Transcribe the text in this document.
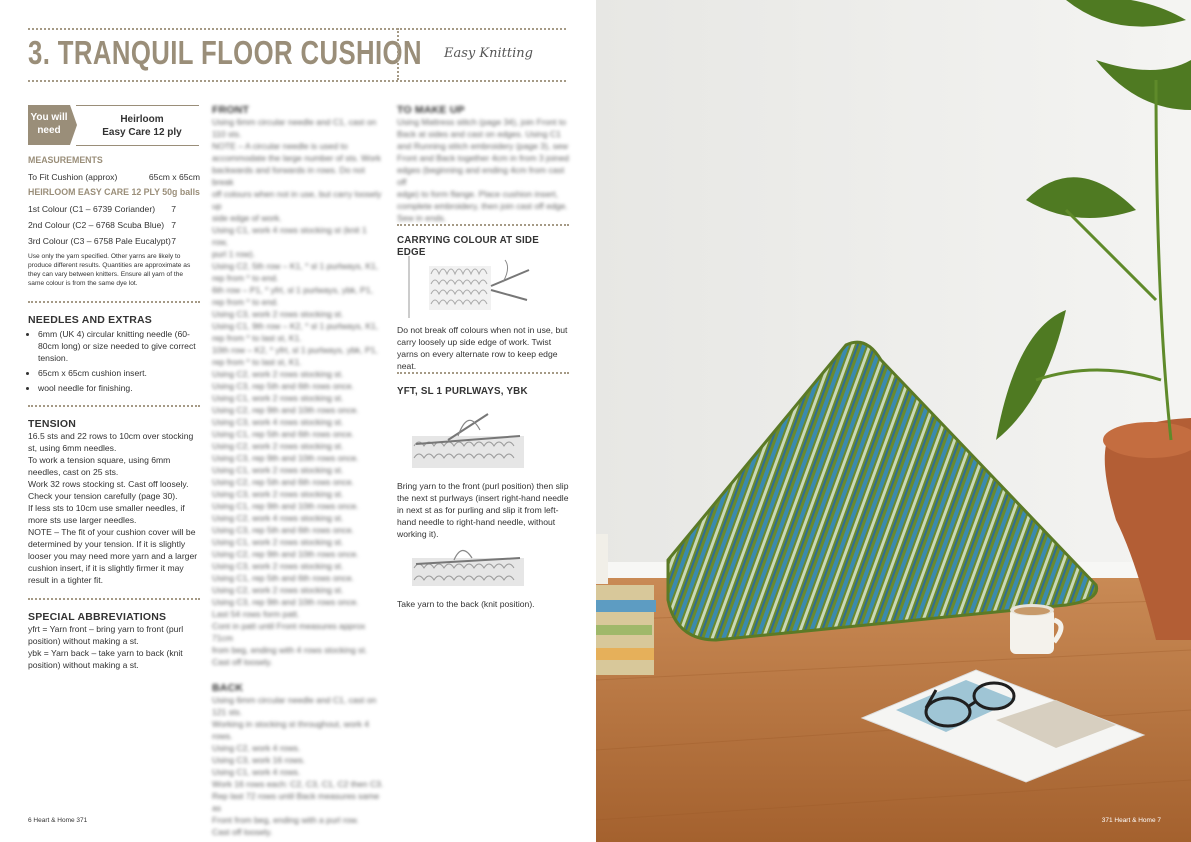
3. TRANQUIL FLOOR CUSHION Easy Knitting
You will
need
Heirloom
Easy Care 12 ply

MEASUREMENTS

To Fit Cushion (approx)	65cm x 65cm

HEIRLOOM EASY CARE 12 PLY 50g balls

1st Colour (C1 – 6739 Coriander) 7
2nd Colour (C2 – 6768 Scuba Blue) 7
3rd Colour (C3 – 6758 Pale Eucalypt) 7

Use only the yarn specified. Other yarns are likely to produce different results. Quantities are approximate as they can vary between knitters. Ensure all yarn of the same colour is from the same dye lot.

NEEDLES AND EXTRAS

• 6mm (UK 4) circular knitting needle (60-80cm long) or size needed to give correct tension.
• 65cm x 65cm cushion insert.
• wool needle for finishing.

TENSION

16.5 sts and 22 rows to 10cm over stocking st, using 6mm needles.

To work a tension square, using 6mm needles, cast on 25 sts.

Work 32 rows stocking st. Cast off loosely. Check your tension carefully (page 30).

If less sts to 10cm use smaller needles, if more sts use larger needles.

NOTE – The fit of your cushion cover will be determined by your tension. If it is slightly looser you may need more yarn and a larger cushion insert, if it is slightly firmer it may result in a tighter fit.

SPECIAL ABBREVIATIONS

yfrt = Yarn front – bring yarn to front (purl position) without making a st.

ybk = Yarn back – take yarn to back (knit position) without making a st.

FRONT

Using 6mm circular needle and C1, cast on

110 sts.

NOTE – A circular needle is used to

accommodate the large number of sts. Work

backwards and forwards in rows. Do not break

off colours when not in use, but carry loosely up

side edge of work.

Using C1, work 4 rows stocking st (knit 1 row,

purl 1 row).

Using C2, 5th row – K1, * sl 1 purlways, K1,

rep from * to end.

6th row – P1, * yfrt, sl 1 purlways, ybk, P1,

rep from * to end.

Using C3, work 2 rows stocking st.

Using C1, 9th row – K2, * sl 1 purlways, K1,

rep from * to last st, K1.

10th row – K2, * yfrt, sl 1 purlways, ybk, P1,

rep from * to last st, K1.

Using C2, work 2 rows stocking st.

Using C3, rep 5th and 6th rows once.

Using C1, work 2 rows stocking st.

Using C2, rep 9th and 10th rows once.

Using C3, work 4 rows stocking st.

Using C1, rep 5th and 6th rows once.

Using C2, work 2 rows stocking st.

Using C3, rep 9th and 10th rows once.

Using C1, work 2 rows stocking st.

Using C2, rep 5th and 6th rows once.

Using C3, work 2 rows stocking st.

Using C1, rep 9th and 10th rows once.

Using C2, work 4 rows stocking st.

Using C3, rep 5th and 6th rows once.

Using C1, work 2 rows stocking st.

Using C2, rep 9th and 10th rows once.

Using C3, work 2 rows stocking st.

Using C1, rep 5th and 6th rows once.

Using C2, work 2 rows stocking st.

Using C3, rep 9th and 10th rows once.

Last 54 rows form patt.

Cont in patt until Front measures approx 71cm

from beg, ending with 4 rows stocking st.

Cast off loosely.

BACK

Using 6mm circular needle and C1, cast on

121 sts.

Working in stocking st throughout, work 4 rows.

Using C2, work 4 rows.

Using C3, work 16 rows.

Using C1, work 4 rows.

Work 16 rows each: C2, C3, C1, C2 then C3.

Rep last 72 rows until Back measures same as

Front from beg, ending with a purl row.

Cast off loosely.

TO MAKE UP

Using Mattress stitch (page 34), join Front to

Back at sides and cast on edges. Using C1

and Running stitch embroidery (page 3), sew

Front and Back together 4cm in from 3 joined

edges (beginning and ending 4cm from cast off

edge) to form flange. Place cushion insert,

complete embroidery, then join cast off edge.

Sew in ends.

CARRYING COLOUR AT SIDE EDGE

Do not break off colours when not in use, but carry loosely up side edge of work. Twist yarns on every alternate row to keep edge neat.

YFT, SL 1 PURLWAYS, YBK

Bring yarn to the front (purl position) then slip the next st purlways (insert right-hand needle in next st as for purling and slip it from left-hand needle to right-hand needle, without working it).

Take yarn to the back (knit position).

6 Heart & Home 371	371 Heart & Home 7
